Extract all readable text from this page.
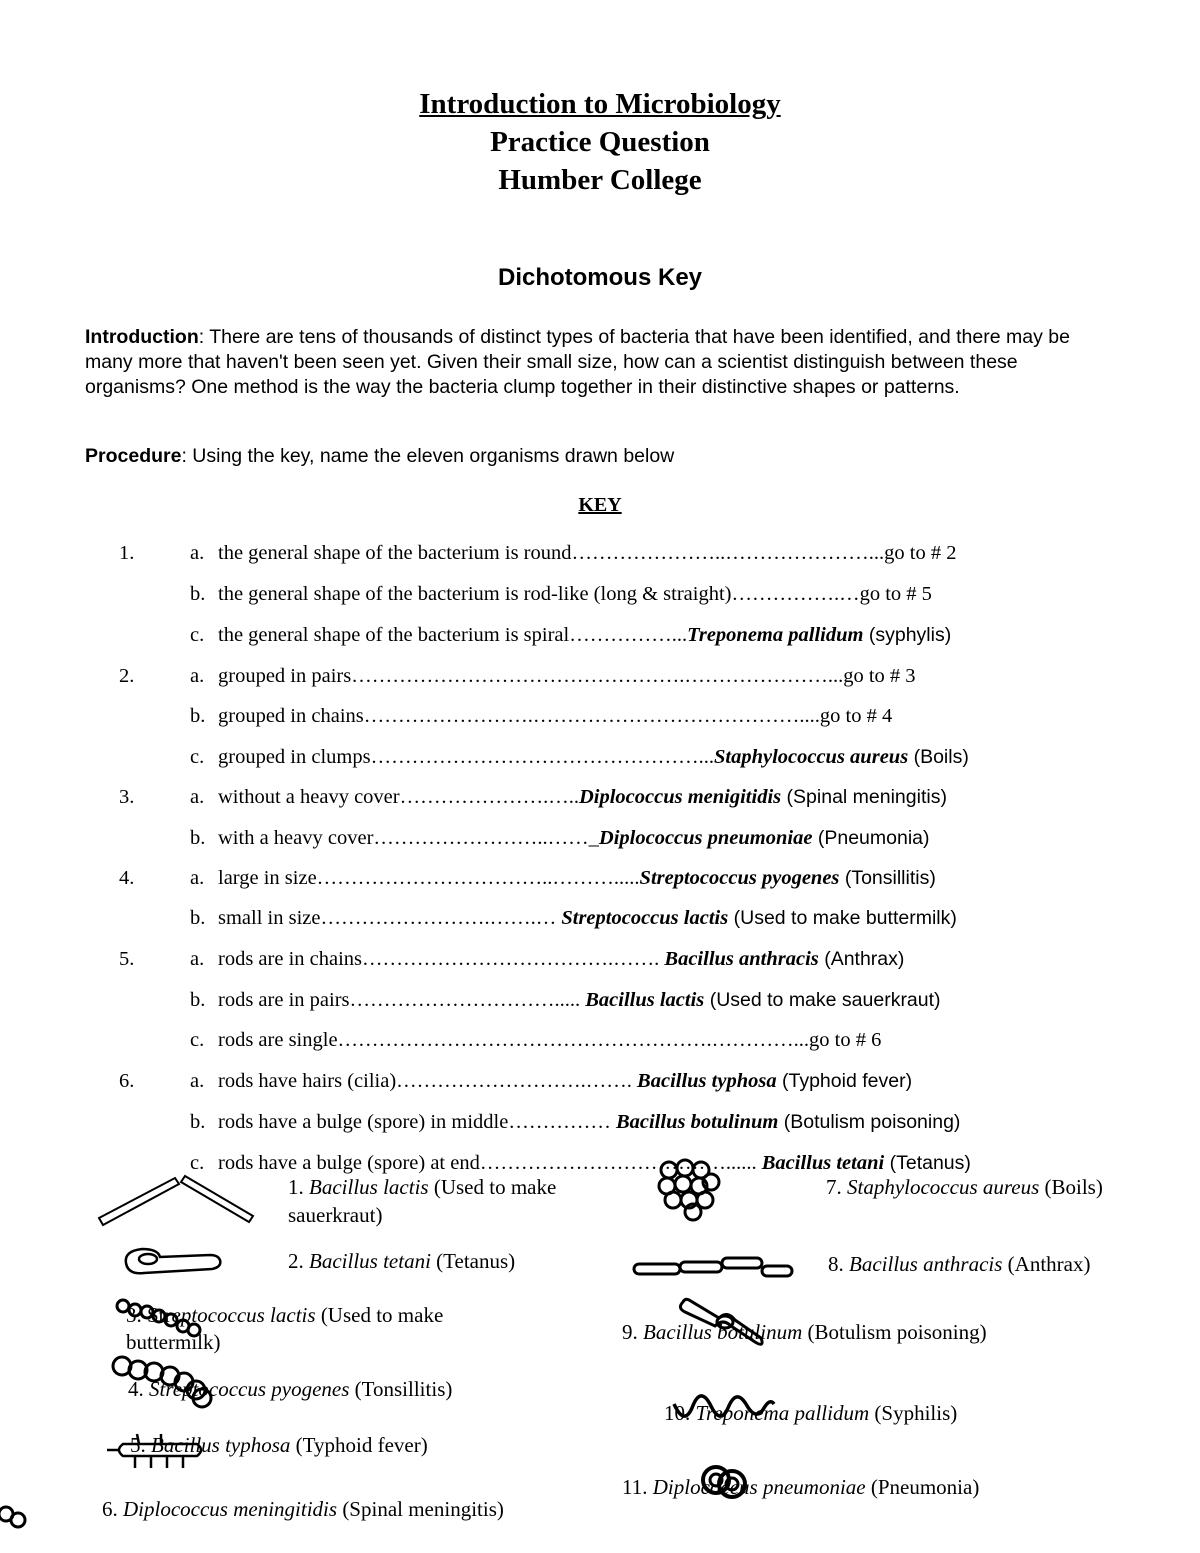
Introduction to Microbiology
Practice Question
Humber College
Dichotomous Key
Introduction: There are tens of thousands of distinct types of bacteria that have been identified, and there may be many more that haven't been seen yet. Given their small size, how can a scientist distinguish between these organisms? One method is the way the bacteria clump together in their distinctive shapes or patterns.
Procedure: Using the key, name the eleven organisms drawn below
KEY
1.	a. the general shape of the bacterium is round…………………..…………………...go to # 2
b. the general shape of the bacterium is rod-like (long & straight)…………….…go to # 5
c. the general shape of the bacterium is spiral……………...Treponema pallidum (syphylis)
2.	a. grouped in pairs………………………………………….…………………...go to # 3
b. grouped in chains…………………….…………………………………....go to # 4
c. grouped in clumps…………………………………………...Staphylococcus aureus (Boils)
3.	a. without a heavy cover………………….…..Diplococcus menigitidis (Spinal meningitis)
b. with a heavy cover……………………..……_Diplococcus pneumoniae (Pneumonia)
4.	a. large in size……………………………..……….....Streptococcus pyogenes (Tonsillitis)
b. small in size…………………….…….… Streptococcus lactis (Used to make buttermilk)
5.	a. rods are in chains……………………………….……. Bacillus anthracis (Anthrax)
b. rods are in pairs…………………………..... Bacillus lactis (Used to make sauerkraut)
c. rods are single……………………………………………….…………...go to # 6
6.	a. rods have hairs (cilia)……………………….……. Bacillus typhosa (Typhoid fever)
b. rods have a bulge (spore) in middle…………… Bacillus botulinum (Botulism poisoning)
c. rods have a bulge (spore) at end………………………………...... Bacillus tetani (Tetanus)
1. Bacillus lactis (Used to make
sauerkraut)
2. Bacillus tetani (Tetanus)
3. Streptococcus lactis (Used to make
buttermilk)
4. Streptococcus pyogenes (Tonsillitis)
5. Bacillus typhosa (Typhoid fever)
6. Diplococcus meningitidis (Spinal meningitis)
7. Staphylococcus aureus (Boils)
8. Bacillus anthracis (Anthrax)
9. Bacillus botulinum (Botulism poisoning)
10. Treponema pallidum (Syphilis)
11. Diplococcus pneumoniae (Pneumonia)
